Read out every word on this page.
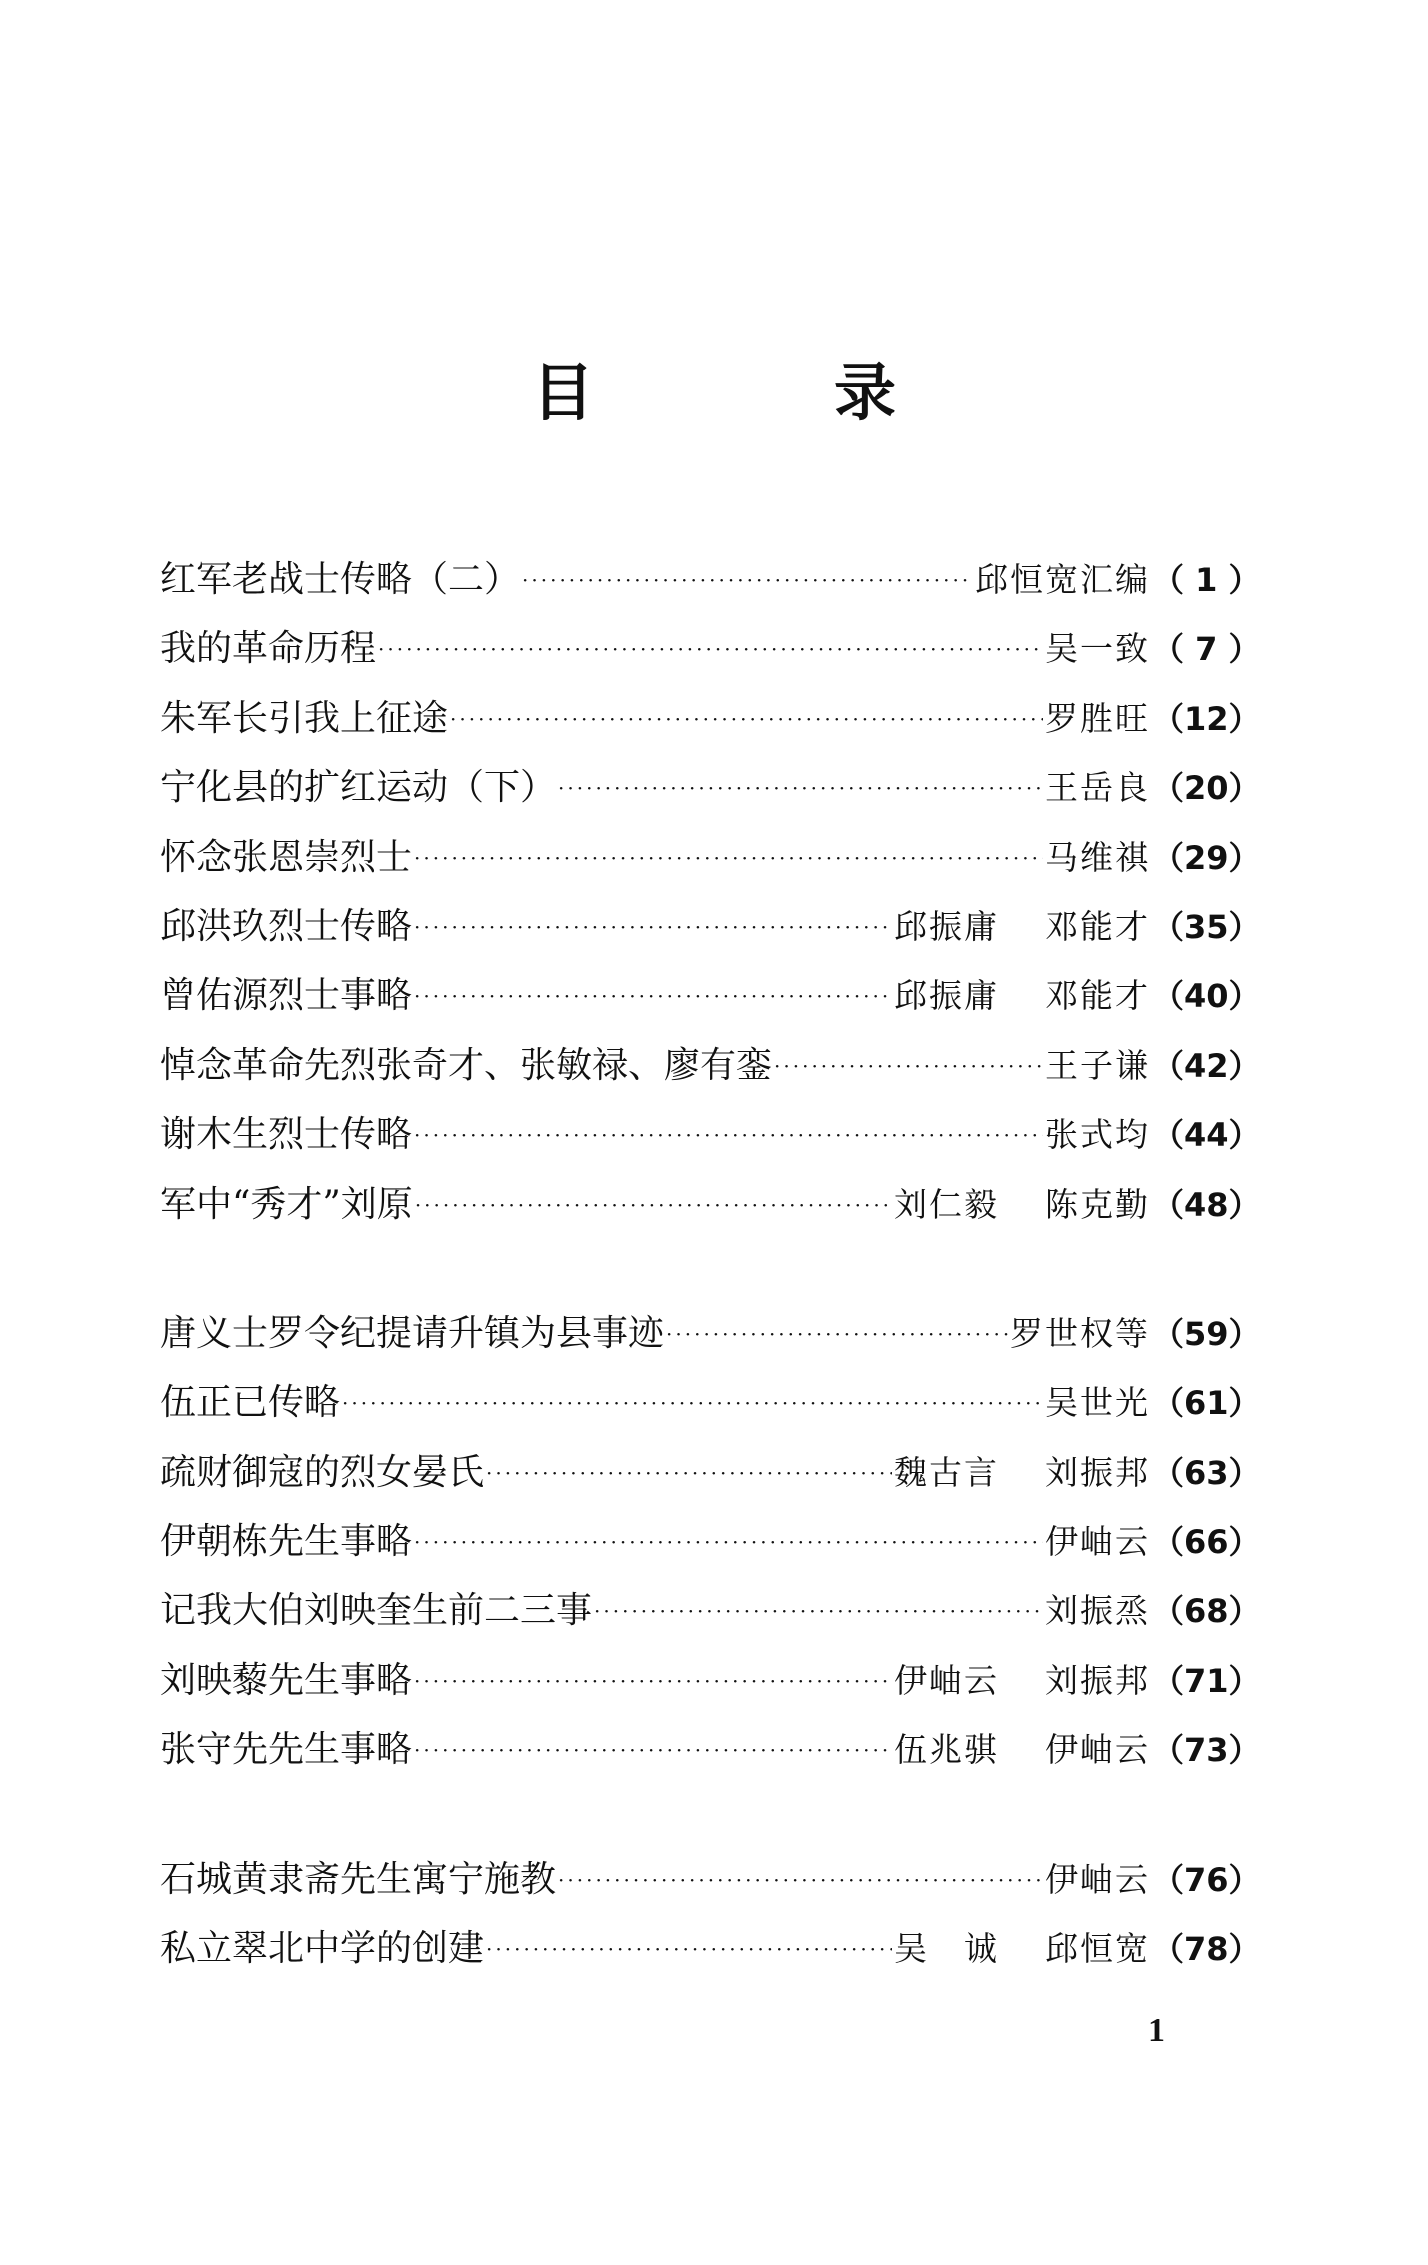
目	录
红军老战士传略（二） ·····	邱恒宽汇编 （ 1 ）
我的革命历程 ·····	吴一致 （ 7 ）
朱军长引我上征途 ·····	罗胜旺 （12）
宁化县的扩红运动（下） ·····	王岳良 （20）
怀念张恩崇烈士 ·····	马维祺 （29）
邱洪玖烈士传略 ·····	邱振庸 邓能才 （35）
曾佑源烈士事略 ·····	邱振庸 邓能才 （40）
悼念革命先烈张奇才、张敏禄、廖有銮 ·····	王子谦 （42）
谢木生烈士传略 ·····	张式均 （44）
军中“秀才”刘原 ·····	刘仁毅 陈克勤 （48）
唐义士罗令纪提请升镇为县事迹 ·····	罗世权等 （59）
伍正已传略 ·····	吴世光 （61）
疏财御寇的烈女晏氏 ·····	魏古言 刘振邦 （63）
伊朝栋先生事略 ·····	伊岫云 （66）
记我大伯刘映奎生前二三事 ·····	刘振烝 （68）
刘映藜先生事略 ·····	伊岫云 刘振邦 （71）
张守先先生事略 ·····	伍兆骐 伊岫云 （73）
石城黄隶斋先生寓宁施教 ·····	伊岫云 （76）
私立翠北中学的创建 ·····	吴　诚 邱恒宽 （78）
1
